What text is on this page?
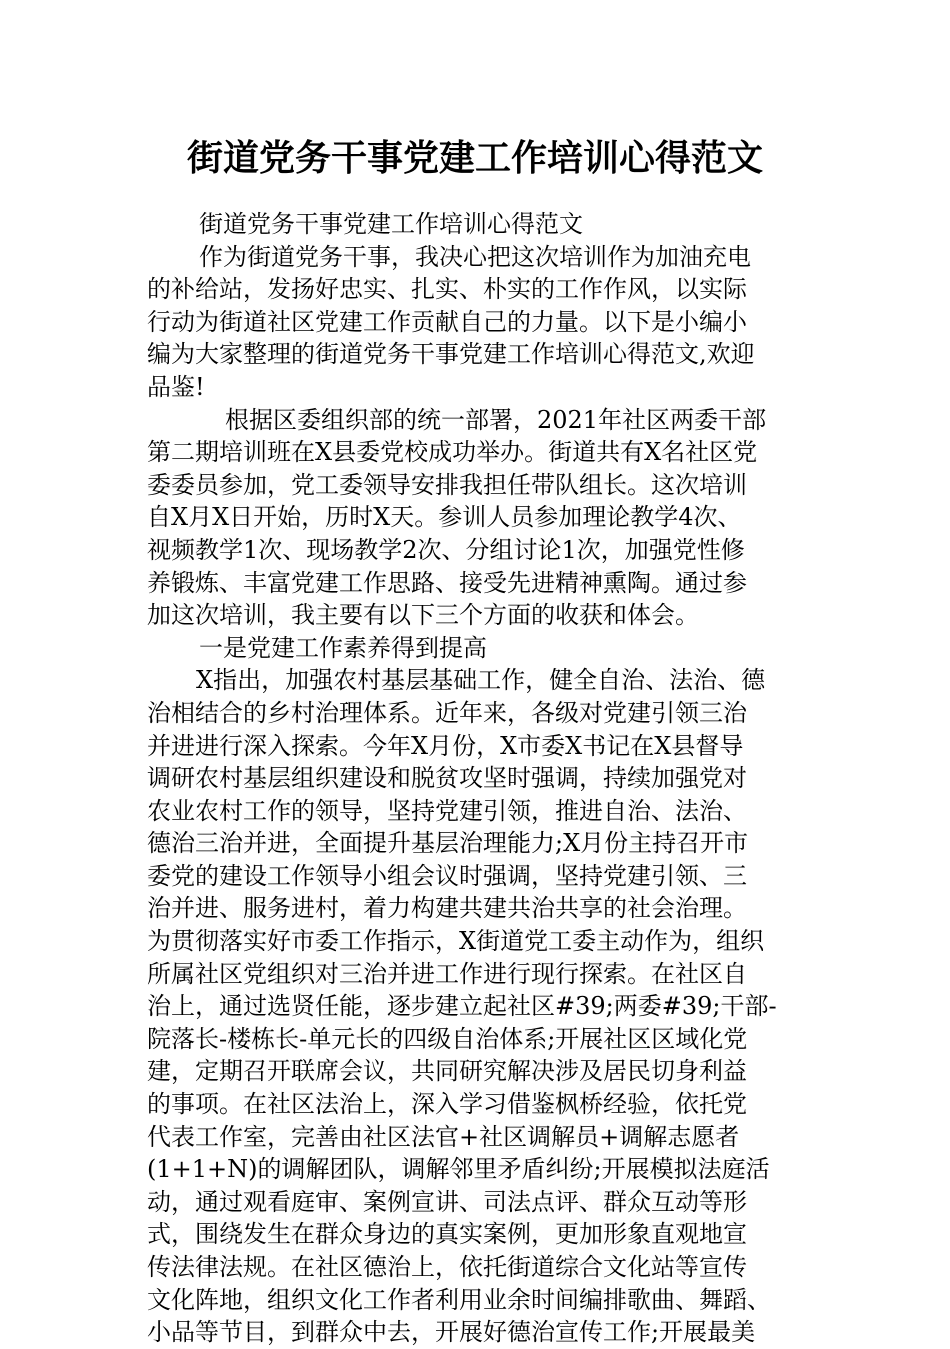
街道党务干事党建工作培训心得范文
街道党务干事党建工作培训心得范文
作为街道党务干事，我决心把这次培训作为加油充电
的补给站，发扬好忠实、扎实、朴实的工作作风，以实际
行动为街道社区党建工作贡献自己的力量。以下是小编小
编为大家整理的街道党务干事党建工作培训心得范文,欢迎
品鉴!
根据区委组织部的统一部署，2021年社区两委干部
第二期培训班在X县委党校成功举办。街道共有X名社区党
委委员参加，党工委领导安排我担任带队组长。这次培训
自X月X日开始，历时X天。参训人员参加理论教学4次、
视频教学1次、现场教学2次、分组讨论1次，加强党性修
养锻炼、丰富党建工作思路、接受先进精神熏陶。通过参
加这次培训，我主要有以下三个方面的收获和体会。
一是党建工作素养得到提高
X指出，加强农村基层基础工作，健全自治、法治、德
治相结合的乡村治理体系。近年来，各级对党建引领三治
并进进行深入探索。今年X月份，X市委X书记在X县督导
调研农村基层组织建设和脱贫攻坚时强调，持续加强党对
农业农村工作的领导，坚持党建引领，推进自治、法治、
德治三治并进，全面提升基层治理能力;X月份主持召开市
委党的建设工作领导小组会议时强调，坚持党建引领、三
治并进、服务进村，着力构建共建共治共享的社会治理。
为贯彻落实好市委工作指示，X街道党工委主动作为，组织
所属社区党组织对三治并进工作进行现行探索。在社区自
治上，通过选贤任能，逐步建立起社区#39;两委#39;干部-
院落长-楼栋长-单元长的四级自治体系;开展社区区域化党
建，定期召开联席会议，共同研究解决涉及居民切身利益
的事项。在社区法治上，深入学习借鉴枫桥经验，依托党
代表工作室，完善由社区法官+社区调解员+调解志愿者
(1+1+N)的调解团队，调解邻里矛盾纠纷;开展模拟法庭活
动，通过观看庭审、案例宣讲、司法点评、群众互动等形
式，围绕发生在群众身边的真实案例，更加形象直观地宣
传法律法规。在社区德治上，依托街道综合文化站等宣传
文化阵地，组织文化工作者利用业余时间编排歌曲、舞蹈、
小品等节目，到群众中去，开展好德治宣传工作;开展最美
